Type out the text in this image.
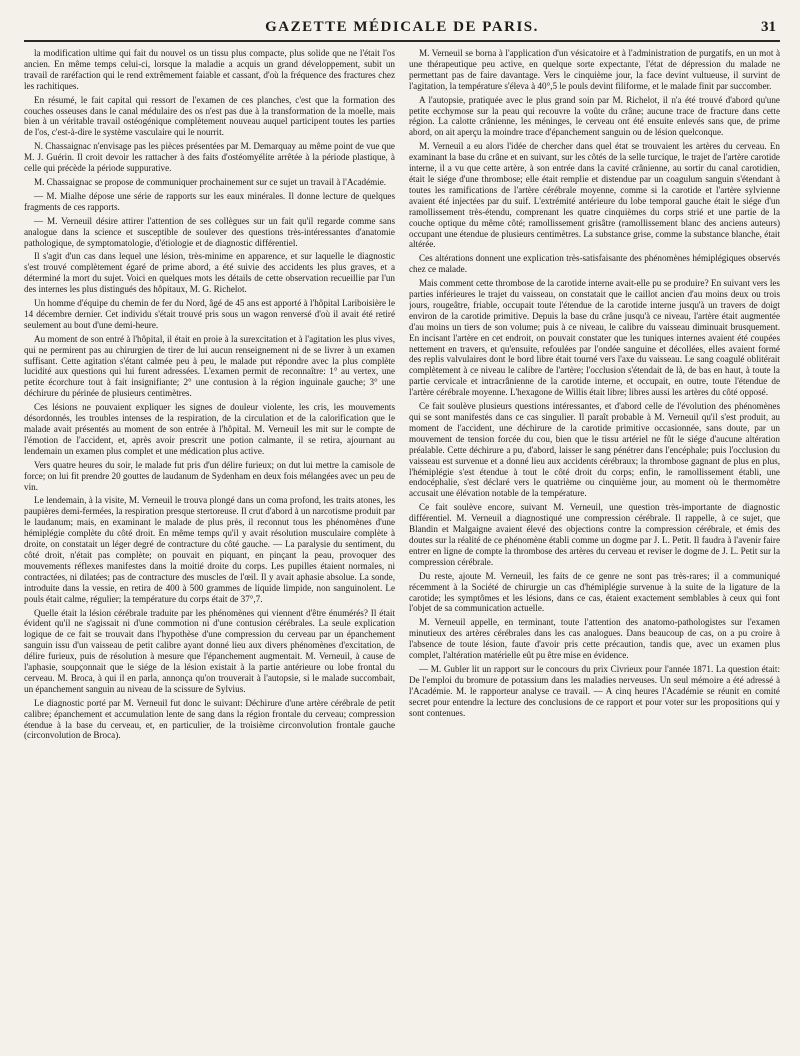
GAZETTE MÉDICALE DE PARIS.	31

la modification ultime qui fait du nouvel os un tissu plus compacte, plus solide que ne l'était l'os ancien. En même temps celui-ci, lorsque la maladie a acquis un grand développement, subit un travail de raréfaction qui le rend extrêmement faiable et cassant, d'où la fréquence des fractures chez les rachitiques.

En résumé, le fait capital qui ressort de l'examen de ces planches, c'est que la formation des couches osseuses dans le canal médulaire des os n'est pas due à la transformation de la moelle, mais bien à un véritable travail ostéogénique complètement nouveau auquel participent toutes les parties de l'os, c'est-à-dire le système vasculaire qui le nourrit.

N. Chassaignac n'envisage pas les pièces présentées par M. Demarquay au même point de vue que M. J. Guérin. Il croit devoir les rattacher à des faits d'ostéomyélite arrêtée à la période plastique, à celle qui précède la période suppurative.

M. Chassaignac se propose de communiquer prochainement sur ce sujet un travail à l'Académie.

— M. Mialhe dépose une série de rapports sur les eaux minérales. Il donne lecture de quelques fragments de ces rapports.

— M. Verneuil désire attirer l'attention de ses collègues sur un fait qu'il regarde comme sans analogue dans la science et susceptible de soulever des questions très-intéressantes d'anatomie pathologique, de symptomatologie, d'étiologie et de diagnostic différentiel.

Il s'agit d'un cas dans lequel une lésion, très-minime en apparence, et sur laquelle le diagnostic s'est trouvé complètement égaré de prime abord, a été suivie des accidents les plus graves, et a déterminé la mort du sujet. Voici en quelques mots les détails de cette observation recueillie par l'un des internes les plus distingués des hôpitaux, M. G. Richelot.

Un homme d'équipe du chemin de fer du Nord, âgé de 45 ans est apporté à l'hôpital Lariboisière le 14 décembre dernier. Cet individu s'était trouvé pris sous un wagon renversé d'où il avait été retiré seulement au bout d'une demi-heure.

Au moment de son entré à l'hôpital, il était en proie à la surexcitation et à l'agitation les plus vives, qui ne permirent pas au chirurgien de tirer de lui aucun renseignement ni de se livrer à un examen suffisant. Cette agitation s'étant calmée peu à peu, le malade put répondre avec la plus complète lucidité aux questions qui lui furent adressées. L'examen permit de reconnaître: 1° au vertex, une petite écorchure tout à fait insignifiante; 2° une contusion à la région inguinale gauche; 3° une déchirure du périnée de plusieurs centimètres.

Ces lésions ne pouvaient expliquer les signes de douleur violente, les cris, les mouvements désordonnés, les troubles intenses de la respiration, de la circulation et de la calorification que le malade avait présentés au moment de son entrée à l'hôpital. M. Verneuil les mit sur le compte de l'émotion de l'accident, et, après avoir prescrit une potion calmante, il se retira, ajournant au lendemain un examen plus complet et une médication plus active.

Vers quatre heures du soir, le malade fut pris d'un délire furieux; on dut lui mettre la camisole de force; on lui fit prendre 20 gouttes de laudanum de Sydenham en deux fois mélangées avec un peu de vin.

Le lendemain, à la visite, M. Verneuil le trouva plongé dans un coma profond, les traits atones, les paupières demi-fermées, la respiration presque stertoreuse. Il crut d'abord à un narcotisme produit par le laudanum; mais, en examinant le malade de plus près, il reconnut tous les phénomènes d'une hémiplégie complète du côté droit. En même temps qu'il y avait résolution musculaire complète à droite, on constatait un léger degré de contracture du côté gauche. — La paralysie du sentiment, du côté droit, n'était pas complète; on pouvait en piquant, en pinçant la peau, provoquer des mouvements réflexes manifestes dans la moitié droite du corps. Les pupilles étaient normales, ni contractées, ni dilatées; pas de contracture des muscles de l'œil. Il y avait aphasie absolue. La sonde, introduite dans la vessie, en retira de 400 à 500 grammes de liquide limpide, non sanguinolent. Le pouls était calme, régulier; la température du corps était de 37°,7.

Quelle était la lésion cérébrale traduite par les phénomènes qui viennent d'être énumérés? Il était évident qu'il ne s'agissait ni d'une commotion ni d'une contusion cérébrales. La seule explication logique de ce fait se trouvait dans l'hypothèse d'une compression du cerveau par un épanchement sanguin issu d'un vaisseau de petit calibre ayant donné lieu aux divers phénomènes d'excitation, de délire furieux, puis de résolution à mesure que l'épanchement augmentait. M. Verneuil, à cause de l'aphasie, soupçonnait que le siége de la lésion existait à la partie antérieure ou lobe frontal du cerveau. M. Broca, à qui il en parla, annonça qu'on trouverait à l'autopsie, si le malade succombait, un épanchement sanguin au niveau de la scissure de Sylvius.

Le diagnostic porté par M. Verneuil fut donc le suivant: Déchirure d'une artère cérébrale de petit calibre; épanchement et accumulation lente de sang dans la région frontale du cerveau; compression étendue à la base du cerveau, et, en particulier, de la troisième circonvolution frontale gauche (circonvolution de Broca).

M. Verneuil se borna à l'application d'un vésicatoire et à l'administration de purgatifs, en un mot à une thérapeutique peu active, en quelque sorte expectante, l'état de dépression du malade ne permettant pas de faire davantage. Vers le cinquième jour, la face devint vultueuse, il survint de l'agitation, la température s'éleva à 40°,5 le pouls devint filiforme, et le malade finit par succomber.

A l'autopsie, pratiquée avec le plus grand soin par M. Richelot, il n'a été trouvé d'abord qu'une petite ecchymose sur la peau qui recouvre la voûte du crâne; aucune trace de fracture dans cette région. La calotte crânienne, les méninges, le cerveau ont été ensuite enlevés sans que, de prime abord, on ait aperçu la moindre trace d'épanchement sanguin ou de lésion quelconque.

M. Verneuil a eu alors l'idée de chercher dans quel état se trouvaient les artères du cerveau. En examinant la base du crâne et en suivant, sur les côtés de la selle turcique, le trajet de l'artère carotide interne, il a vu que cette artère, à son entrée dans la cavité crânienne, au sortir du canal carotidien, était le siége d'une thrombose; elle était remplie et distendue par un coagulum sanguin s'étendant à toutes les ramifications de l'artère cérébrale moyenne, comme si la carotide et l'artère sylvienne avaient été injectées par du suif. L'extrémité antérieure du lobe temporal gauche était le siége d'un ramollissement très-étendu, comprenant les quatre cinquièmes du corps strié et une partie de la couche optique du même côté; ramollissement grisâtre (ramollissement blanc des anciens auteurs) occupant une étendue de plusieurs centimètres. La substance grise, comme la substance blanche, était altérée.

Ces altérations donnent une explication très-satisfaisante des phénomènes hémiplégiques observés chez ce malade.

Mais comment cette thrombose de la carotide interne avait-elle pu se produire? En suivant vers les parties inférieures le trajet du vaisseau, on constatait que le caillot ancien d'au moins deux ou trois jours, rougeâtre, friable, occupait toute l'étendue de la carotide interne jusqu'à un travers de doigt environ de la carotide primitive. Depuis la base du crâne jusqu'à ce niveau, l'artère était augmentée d'au moins un tiers de son volume; puis à ce niveau, le calibre du vaisseau diminuait brusquement. En incisant l'artère en cet endroit, on pouvait constater que les tuniques internes avaient été coupées nettement en travers, et qu'ensuite, refoulées par l'ondée sanguine et décollées, elles avaient formé des replis valvulaires dont le bord libre était tourné vers l'axe du vaisseau. Le sang coagulé oblitérait complètement à ce niveau le calibre de l'artère; l'occlusion s'étendait de là, de bas en haut, à toute la partie cervicale et intracrânienne de la carotide interne, et occupait, en outre, toute l'étendue de l'artère cérébrale moyenne. L'hexagone de Willis était libre; libres aussi les artères du côté opposé.

Ce fait soulève plusieurs questions intéressantes, et d'abord celle de l'évolution des phénomènes qui se sont manifestés dans ce cas singulier. Il paraît probable à M. Verneuil qu'il s'est produit, au moment de l'accident, une déchirure de la carotide primitive occasionnée, sans doute, par un mouvement de tension forcée du cou, bien que le tissu artériel ne fût le siége d'aucune altération préalable. Cette déchirure a pu, d'abord, laisser le sang pénétrer dans l'encéphale; puis l'occlusion du vaisseau est survenue et a donné lieu aux accidents cérébraux; la thrombose gagnant de plus en plus, l'hémiplégie s'est étendue à tout le côté droit du corps; enfin, le ramollissement établi, une endocéphalie, s'est déclaré vers le quatrième ou cinquième jour, au moment où le thermomètre accusait une élévation notable de la température.

Ce fait soulève encore, suivant M. Verneuil, une question très-importante de diagnostic différentiel. M. Verneuil a diagnostiqué une compression cérébrale. Il rappelle, à ce sujet, que Blandin et Malgaigne avaient élevé des objections contre la compression cérébrale, et émis des doutes sur la réalité de ce phénomène établi comme un dogme par J. L. Petit. Il faudra à l'avenir faire entrer en ligne de compte la thrombose des artères du cerveau et reviser le dogme de J. L. Petit sur la compression cérébrale.

Du reste, ajoute M. Verneuil, les faits de ce genre ne sont pas très-rares; il a communiqué récemment à la Société de chirurgie un cas d'hémiplégie survenue à la suite de la ligature de la carotide; les symptômes et les lésions, dans ce cas, étaient exactement semblables à ceux qui font l'objet de sa communication actuelle.

M. Verneuil appelle, en terminant, toute l'attention des anatomo-pathologistes sur l'examen minutieux des artères cérébrales dans les cas analogues. Dans beaucoup de cas, on a pu croire à l'absence de toute lésion, faute d'avoir pris cette précaution, tandis que, avec un examen plus complet, l'altération matérielle eût pu être mise en évidence.

— M. Gubler lit un rapport sur le concours du prix Civrieux pour l'année 1871. La question était: De l'emploi du bromure de potassium dans les maladies nerveuses. Un seul mémoire a été adressé à l'Académie. M. le rapporteur analyse ce travail. — A cinq heures l'Académie se réunit en comité secret pour entendre la lecture des conclusions de ce rapport et pour voter sur les propositions qui y sont contenues.
